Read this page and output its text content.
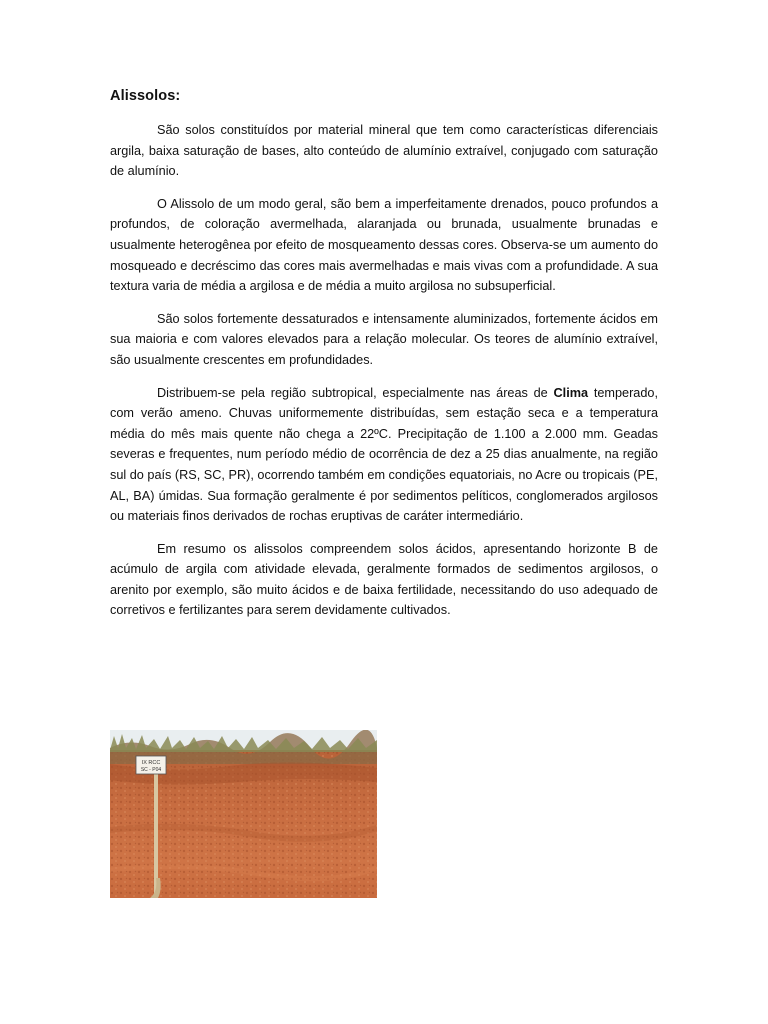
Alissolos:

São solos constituídos por material mineral que tem como características diferenciais argila, baixa saturação de bases, alto conteúdo de alumínio extraível, conjugado com saturação de alumínio.

O Alissolo de um modo geral, são bem a imperfeitamente drenados, pouco profundos a profundos, de coloração avermelhada, alaranjada ou brunada, usualmente brunadas e usualmente heterogênea por efeito de mosqueamento dessas cores. Observa-se um aumento do mosqueado e decréscimo das cores mais avermelhadas e mais vivas com a profundidade. A sua textura varia de média a argilosa e de média a muito argilosa no subsuperficial.

São solos fortemente dessaturados e intensamente aluminizados, fortemente ácidos em sua maioria e com valores elevados para a relação molecular. Os teores de alumínio extraível, são usualmente crescentes em profundidades.

Distribuem-se pela região subtropical, especialmente nas áreas de Clima temperado, com verão ameno. Chuvas uniformemente distribuídas, sem estação seca e a temperatura média do mês mais quente não chega a 22ºC. Precipitação de 1.100 a 2.000 mm. Geadas severas e frequentes, num período médio de ocorrência de dez a 25 dias anualmente, na região sul do país (RS, SC, PR), ocorrendo também em condições equatoriais, no Acre ou tropicais (PE, AL, BA) úmidas. Sua formação geralmente é por sedimentos pelíticos, conglomerados argilosos ou materiais finos derivados de rochas eruptivas de caráter intermediário.

Em resumo os alissolos compreendem solos ácidos, apresentando horizonte B de acúmulo de argila com atividade elevada, geralmente formados de sedimentos argilosos, o arenito por exemplo, são muito ácidos e de baixa fertilidade, necessitando do uso adequado de corretivos e fertilizantes para serem devidamente cultivados.

IX RCC
SC - P04
